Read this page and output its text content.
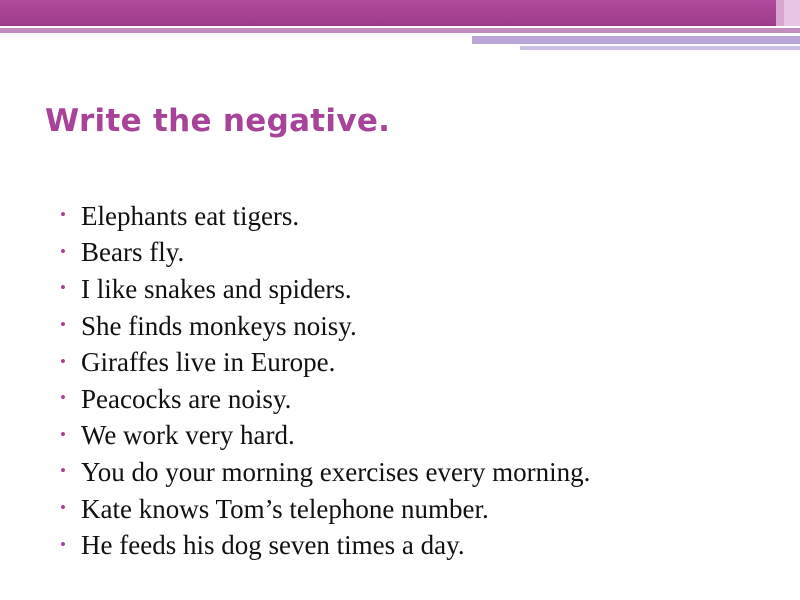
Write the negative.
• Elephants eat tigers.
• Bears fly.
• I like snakes and spiders.
• She finds monkeys noisy.
• Giraffes live in Europe.
• Peacocks are noisy.
• We work very hard.
• You do your morning exercises every morning.
• Kate knows Tom’s telephone number.
• He feeds his dog seven times a day.
